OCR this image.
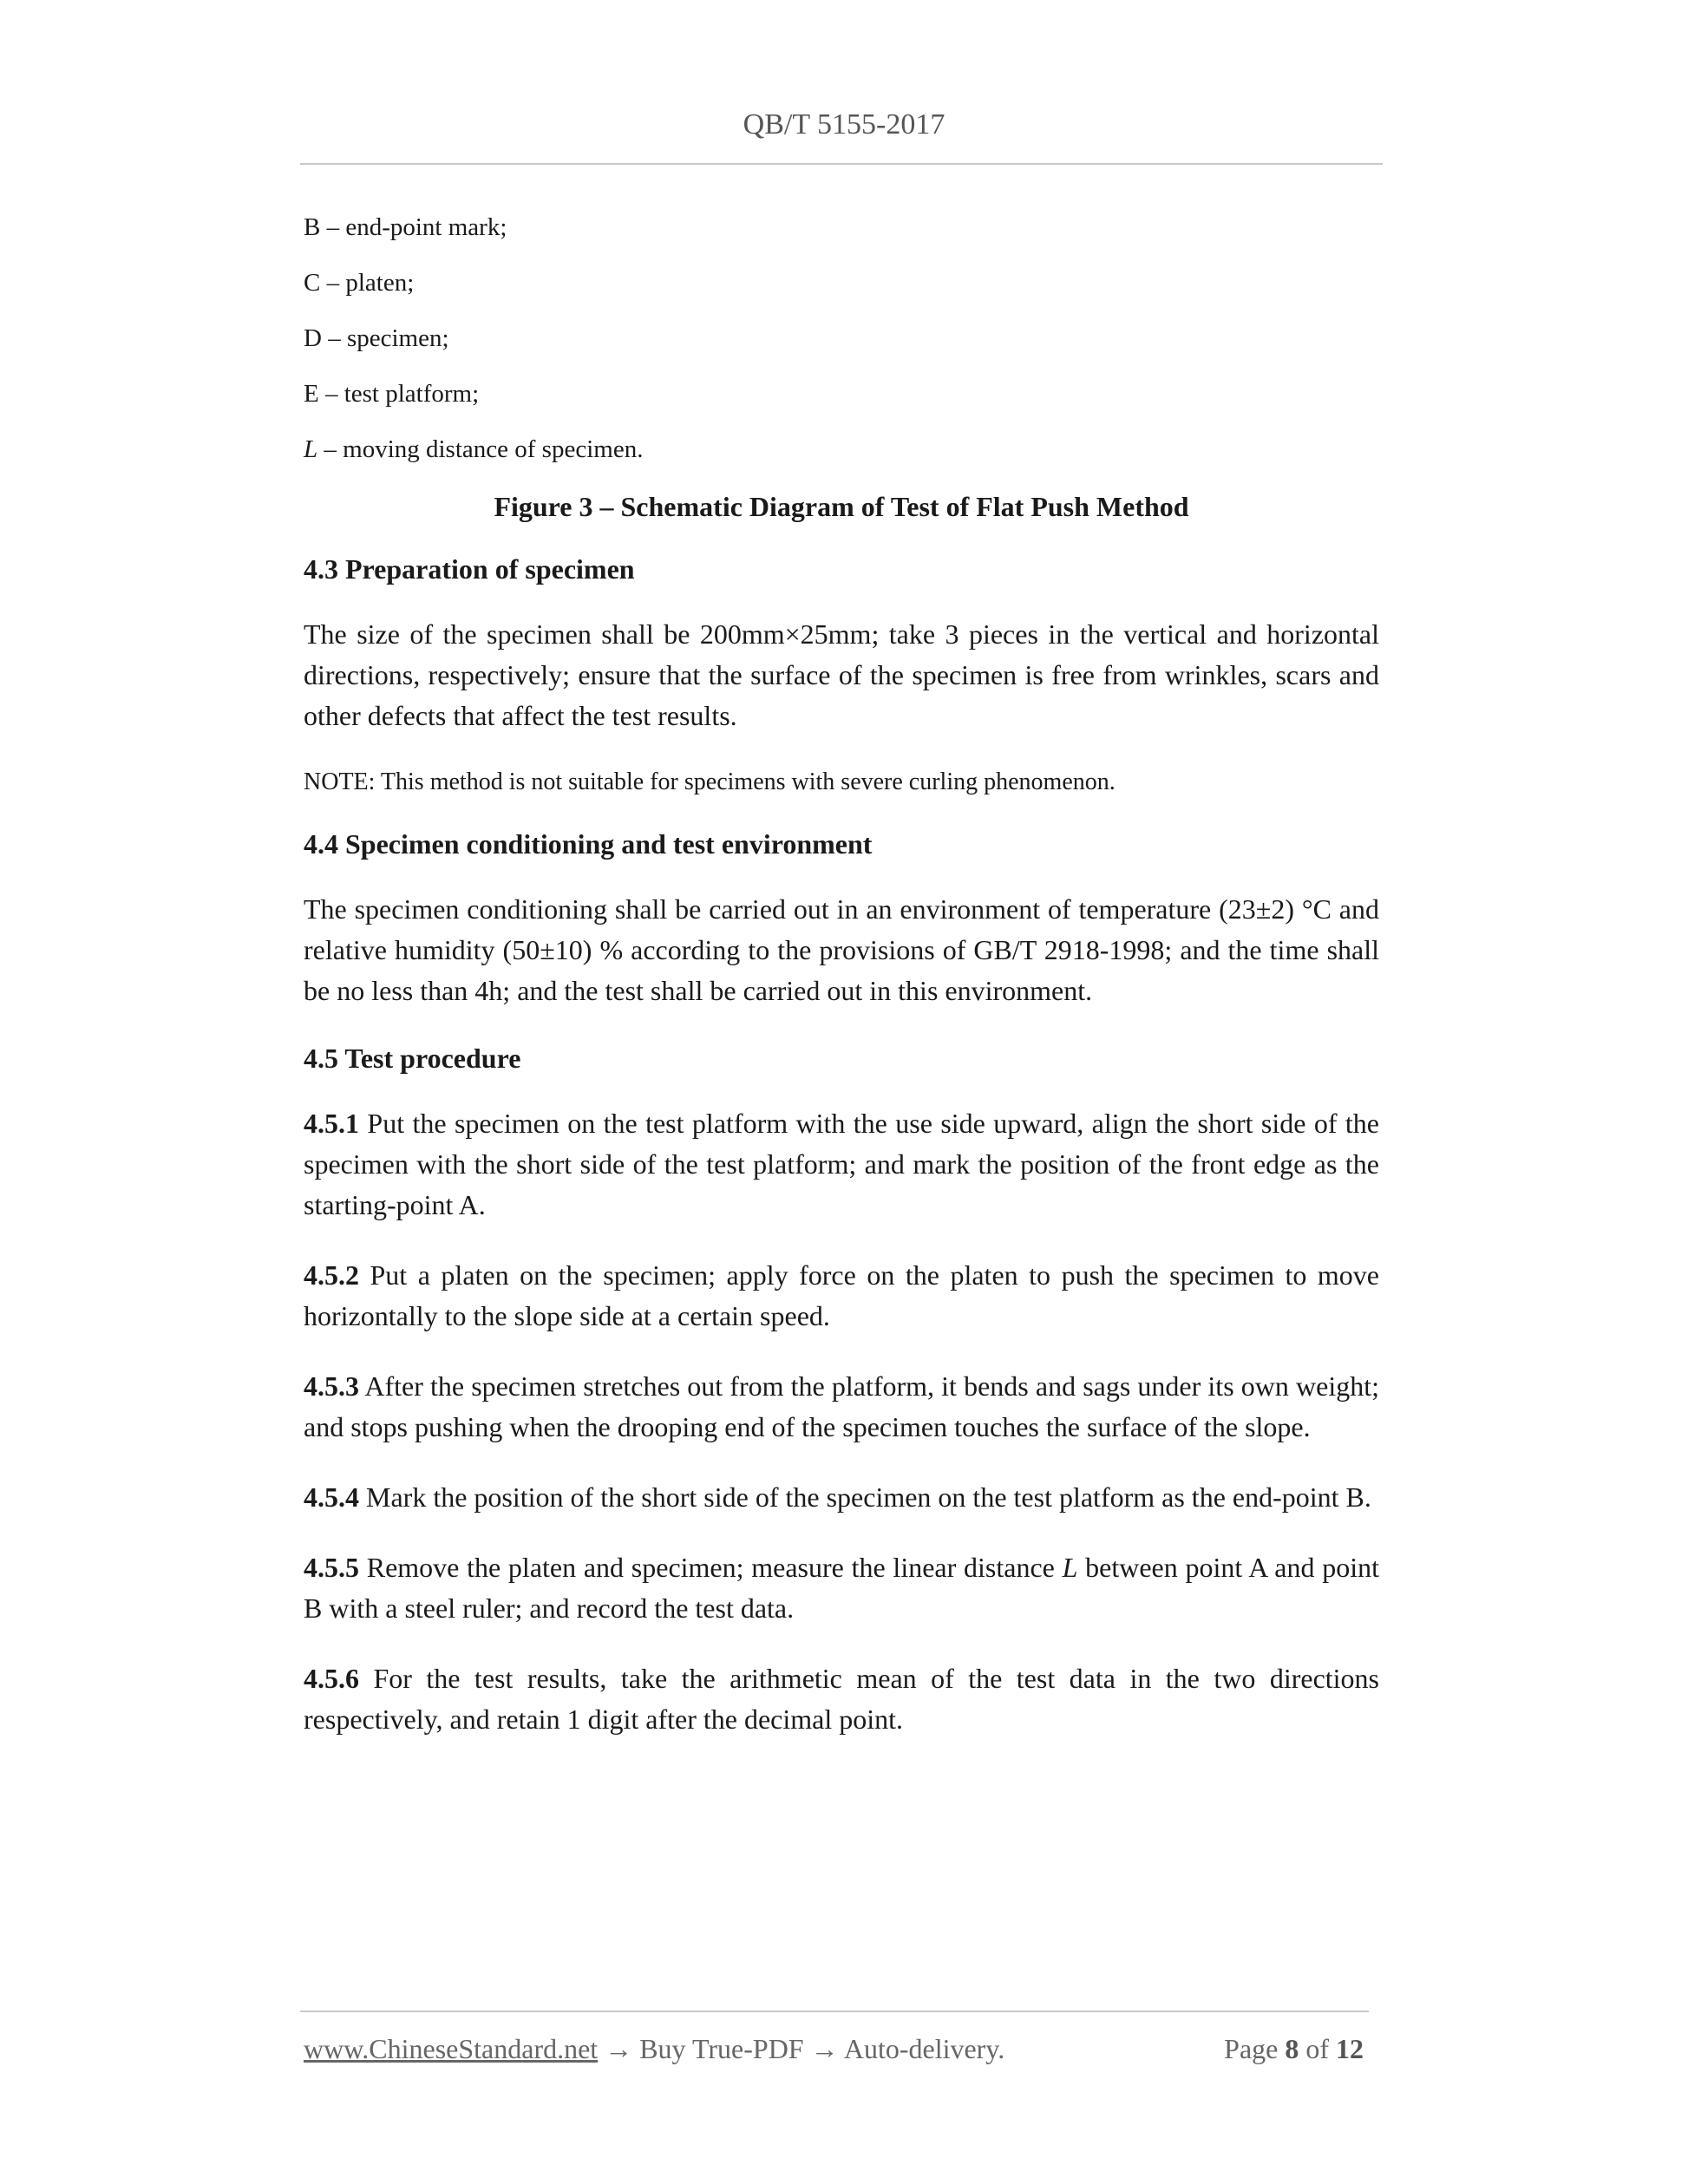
QB/T 5155-2017
B – end-point mark;
C – platen;
D – specimen;
E – test platform;
L – moving distance of specimen.
Figure 3 – Schematic Diagram of Test of Flat Push Method
4.3 Preparation of specimen
The size of the specimen shall be 200mm×25mm; take 3 pieces in the vertical and horizontal directions, respectively; ensure that the surface of the specimen is free from wrinkles, scars and other defects that affect the test results.
NOTE: This method is not suitable for specimens with severe curling phenomenon.
4.4 Specimen conditioning and test environment
The specimen conditioning shall be carried out in an environment of temperature (23±2) °C and relative humidity (50±10) % according to the provisions of GB/T 2918-1998; and the time shall be no less than 4h; and the test shall be carried out in this environment.
4.5 Test procedure
4.5.1 Put the specimen on the test platform with the use side upward, align the short side of the specimen with the short side of the test platform; and mark the position of the front edge as the starting-point A.
4.5.2 Put a platen on the specimen; apply force on the platen to push the specimen to move horizontally to the slope side at a certain speed.
4.5.3 After the specimen stretches out from the platform, it bends and sags under its own weight; and stops pushing when the drooping end of the specimen touches the surface of the slope.
4.5.4 Mark the position of the short side of the specimen on the test platform as the end-point B.
4.5.5 Remove the platen and specimen; measure the linear distance L between point A and point B with a steel ruler; and record the test data.
4.5.6 For the test results, take the arithmetic mean of the test data in the two directions respectively, and retain 1 digit after the decimal point.
www.ChineseStandard.net → Buy True-PDF → Auto-delivery.	Page 8 of 12
